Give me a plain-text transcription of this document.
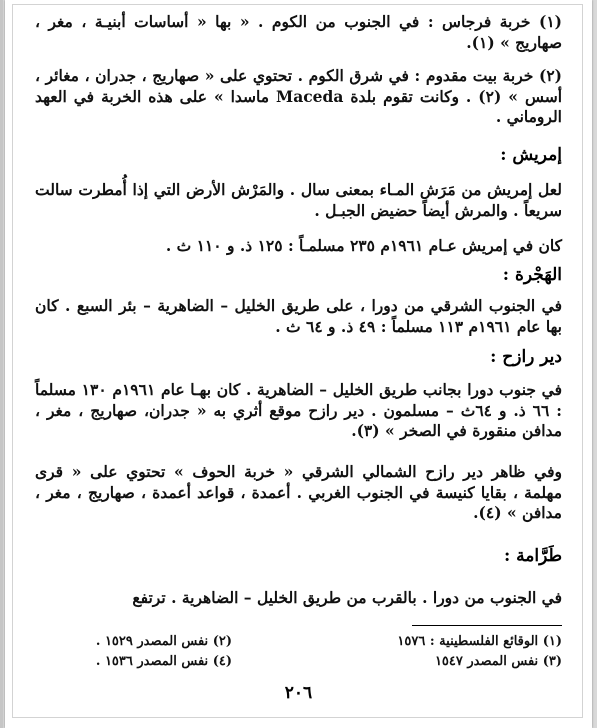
(١) خربة فرجاس : في الجنوب من الكوم . « بها « أساسات أبنيـة ، مغر ، صهاريج » (١).
(٢) خربة بيت مقدوم : في شرق الكوم . تحتوي على « صهاريج ، جدران ، مغائر ، أسس » (٢) . وكانت تقوم بلدة Maceda ماسدا » على هذه الخربة في العهد الروماني .
إمريش :
لعل إمريش من مَرَش المـاء بمعنى سال . والمَرْش الأرض التي إذا أُمطرت سالت سريعاً . والمرش أيضاً حضيض الجبـل .
كان في إمريش عـام ١٩٦١م ٢٣٥ مسلمـاً : ١٢٥ ذ. و ١١٠ ث .
الهَجْرة :
في الجنوب الشرقي من دورا ، على طريق الخليل – الضاهرية – بئر السبع . كان بها عام ١٩٦١م ١١٣ مسلماً : ٤٩ ذ. و ٦٤ ث .
دير رازح :
في جنوب دورا بجانب طريق الخليل – الضاهرية . كان بهـا عام ١٩٦١م ١٣٠ مسلماً : ٦٦ ذ. و ٦٤ث – مسلمون . دير رازح موقع أثري به « جدران، صهاريج ، مغر ، مدافن منقورة في الصخر » (٣).
وفي ظاهر دير رازح الشمالي الشرقي « خربة الحوف » تحتوي على « قرى مهلمة ، بقايا كنيسة في الجنوب الغربي . أعمدة ، قواعد أعمدة ، صهاريج ، مغر ، مدافن » (٤).
طَرَّامة :
في الجنوب من دورا . بالقرب من طريق الخليل – الضاهرية . ترتفع
(١) الوقائع الفلسطينية : ١٥٧٦
(٢) نفس المصدر ١٥٢٩ .
(٣) نفس المصدر ١٥٤٧
(٤) نفس المصدر ١٥٣٦ .
٢٠٦
